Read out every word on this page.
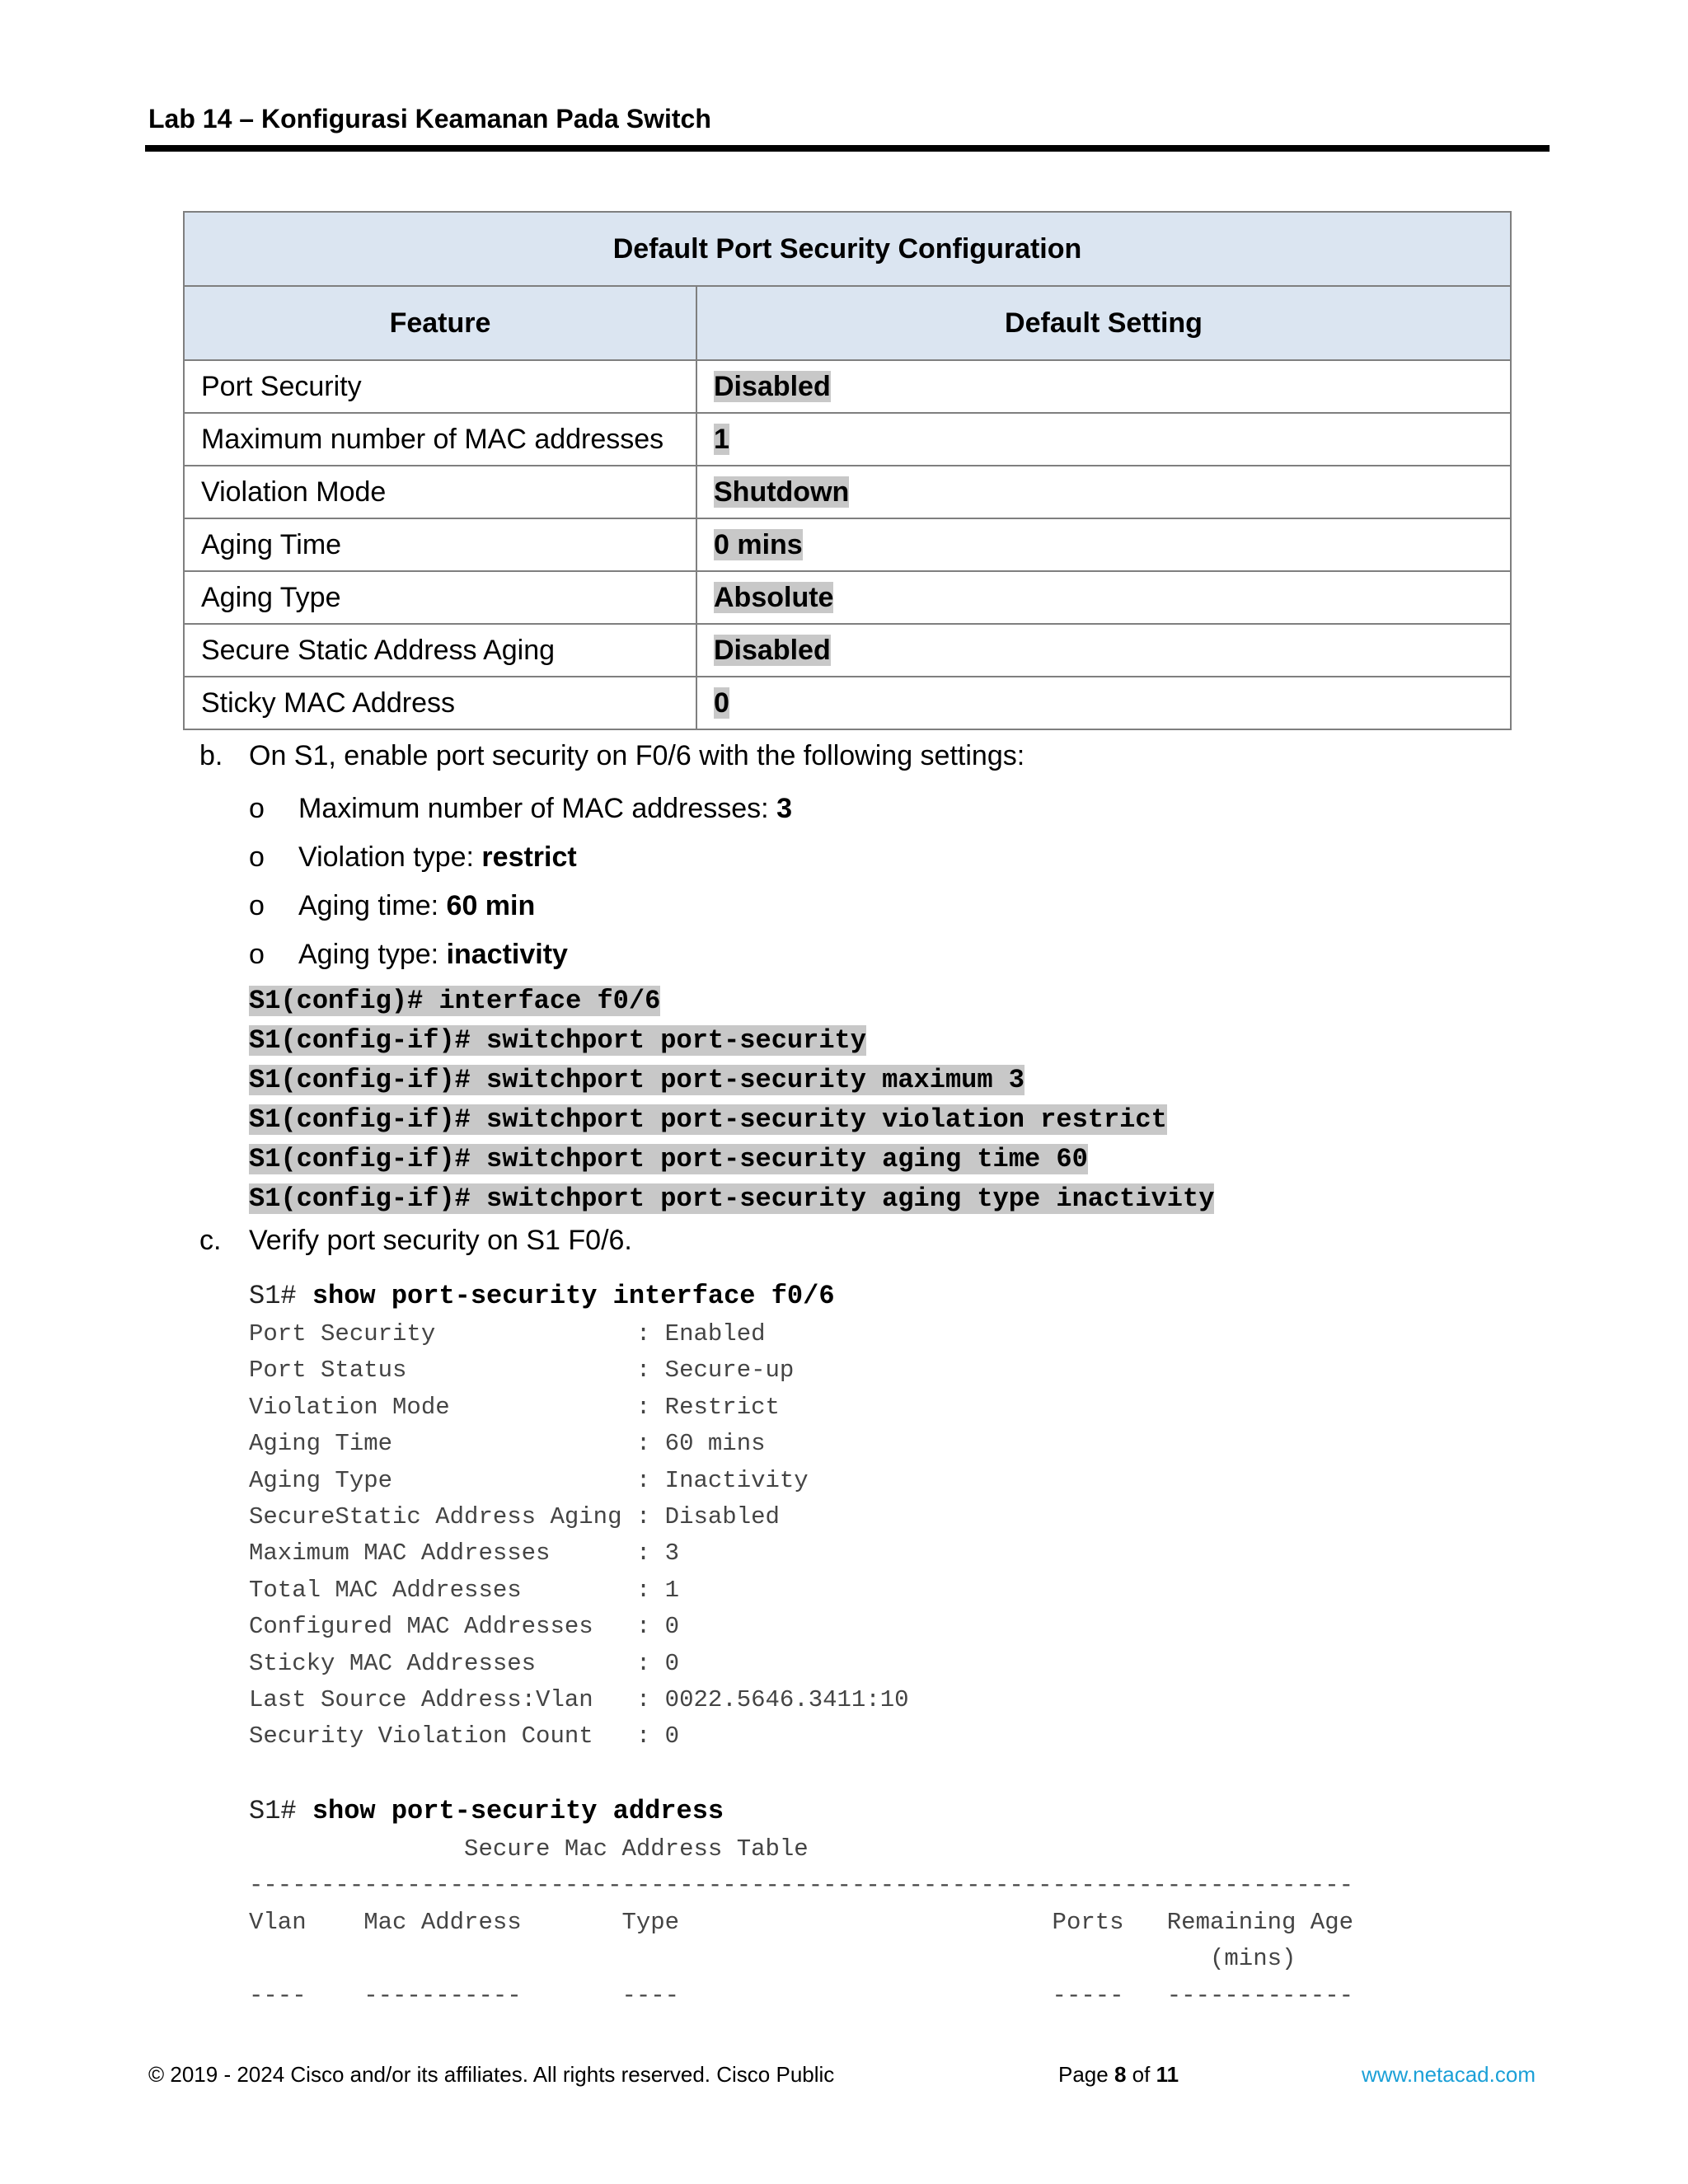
Lab 14 – Konfigurasi Keamanan Pada Switch
Default Port Security Configuration	
Feature	Default Setting
Port Security	Disabled
Maximum number of MAC addresses	1
Violation Mode	Shutdown
Aging Time	0 mins
Aging Type	Absolute
Secure Static Address Aging	Disabled
Sticky MAC Address	0
b. On S1, enable port security on F0/6 with the following settings:
o Maximum number of MAC addresses: 3
o Violation type: restrict
o Aging time: 60 min
o Aging type: inactivity
S1(config)# interface f0/6
S1(config-if)# switchport port-security
S1(config-if)# switchport port-security maximum 3
S1(config-if)# switchport port-security violation restrict
S1(config-if)# switchport port-security aging time 60
S1(config-if)# switchport port-security aging type inactivity
c. Verify port security on S1 F0/6.
S1# show port-security interface f0/6
Port Security              : Enabled
Port Status                : Secure-up
Violation Mode             : Restrict
Aging Time                 : 60 mins
Aging Type                 : Inactivity
SecureStatic Address Aging : Disabled
Maximum MAC Addresses      : 3
Total MAC Addresses        : 1
Configured MAC Addresses   : 0
Sticky MAC Addresses       : 0
Last Source Address:Vlan   : 0022.5646.3411:10
Security Violation Count   : 0
S1# show port-security address
Secure Mac Address Table
-----------------------------------------------------------------------------
Vlan    Mac Address       Type                          Ports   Remaining Age
(mins)
----    -----------       ----                          -----   -------------
© 2019 - 2024 Cisco and/or its affiliates. All rights reserved. Cisco Public	Page 8 of 11	www.netacad.com
